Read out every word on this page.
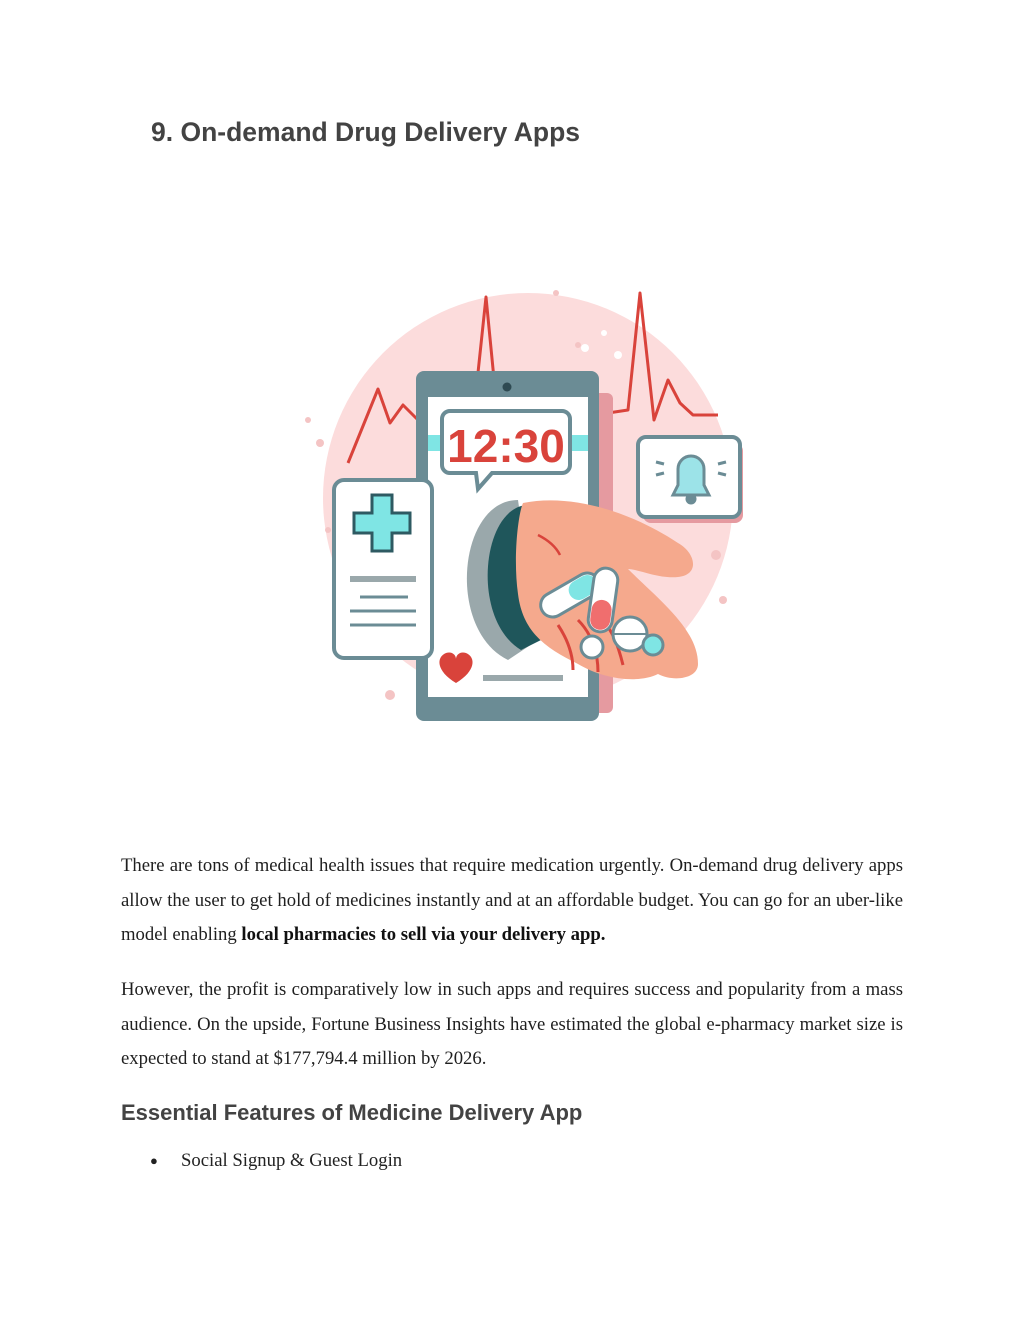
9. On-demand Drug Delivery Apps
12:30

There are tons of medical health issues that require medication urgently. On-demand drug delivery apps allow the user to get hold of medicines instantly and at an affordable budget. You can go for an uber-like model enabling local pharmacies to sell via your delivery app.

However, the profit is comparatively low in such apps and requires success and popularity from a mass audience. On the upside, Fortune Business Insights have estimated the global e-pharmacy market size is expected to stand at $177,794.4 million by 2026.

Essential Features of Medicine Delivery App
● Social Signup & Guest Login
